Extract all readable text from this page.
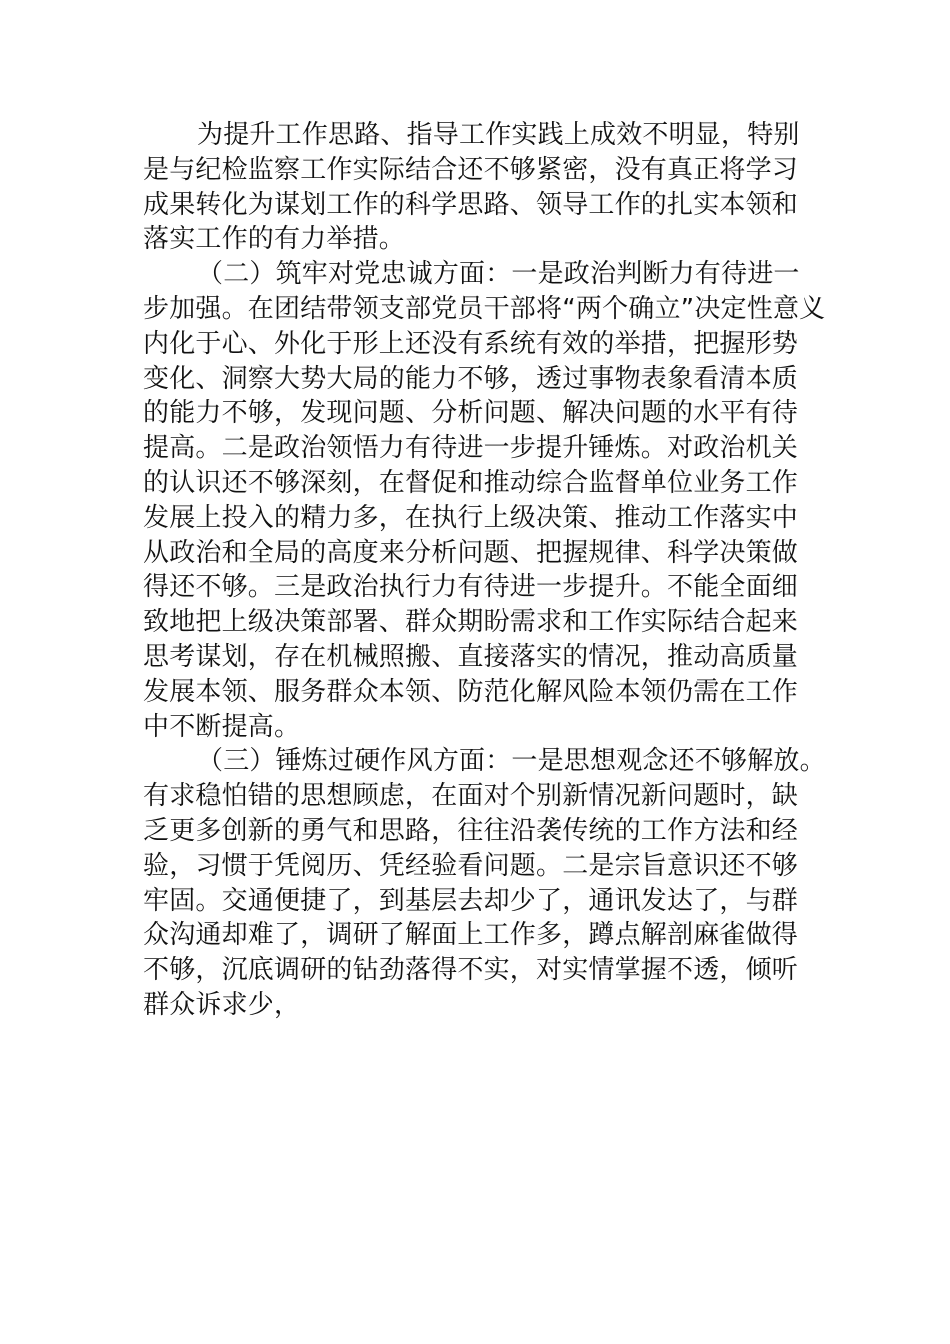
为提升工作思路、指导工作实践上成效不明显，特别
是与纪检监察工作实际结合还不够紧密，没有真正将学习
成果转化为谋划工作的科学思路、领导工作的扎实本领和
落实工作的有力举措。
（二）筑牢对党忠诚方面：一是政治判断力有待进一
步加强。在团结带领支部党员干部将“两个确立”决定性意义
内化于心、外化于形上还没有系统有效的举措，把握形势
变化、洞察大势大局的能力不够，透过事物表象看清本质
的能力不够，发现问题、分析问题、解决问题的水平有待
提高。二是政治领悟力有待进一步提升锤炼。对政治机关
的认识还不够深刻，在督促和推动综合监督单位业务工作
发展上投入的精力多，在执行上级决策、推动工作落实中
从政治和全局的高度来分析问题、把握规律、科学决策做
得还不够。三是政治执行力有待进一步提升。不能全面细
致地把上级决策部署、群众期盼需求和工作实际结合起来
思考谋划，存在机械照搬、直接落实的情况，推动高质量
发展本领、服务群众本领、防范化解风险本领仍需在工作
中不断提高。
（三）锤炼过硬作风方面：一是思想观念还不够解放。
有求稳怕错的思想顾虑，在面对个别新情况新问题时，缺
乏更多创新的勇气和思路，往往沿袭传统的工作方法和经
验，习惯于凭阅历、凭经验看问题。二是宗旨意识还不够
牢固。交通便捷了，到基层去却少了，通讯发达了，与群
众沟通却难了，调研了解面上工作多，蹲点解剖麻雀做得
不够，沉底调研的钻劲落得不实，对实情掌握不透，倾听
群众诉求少，
